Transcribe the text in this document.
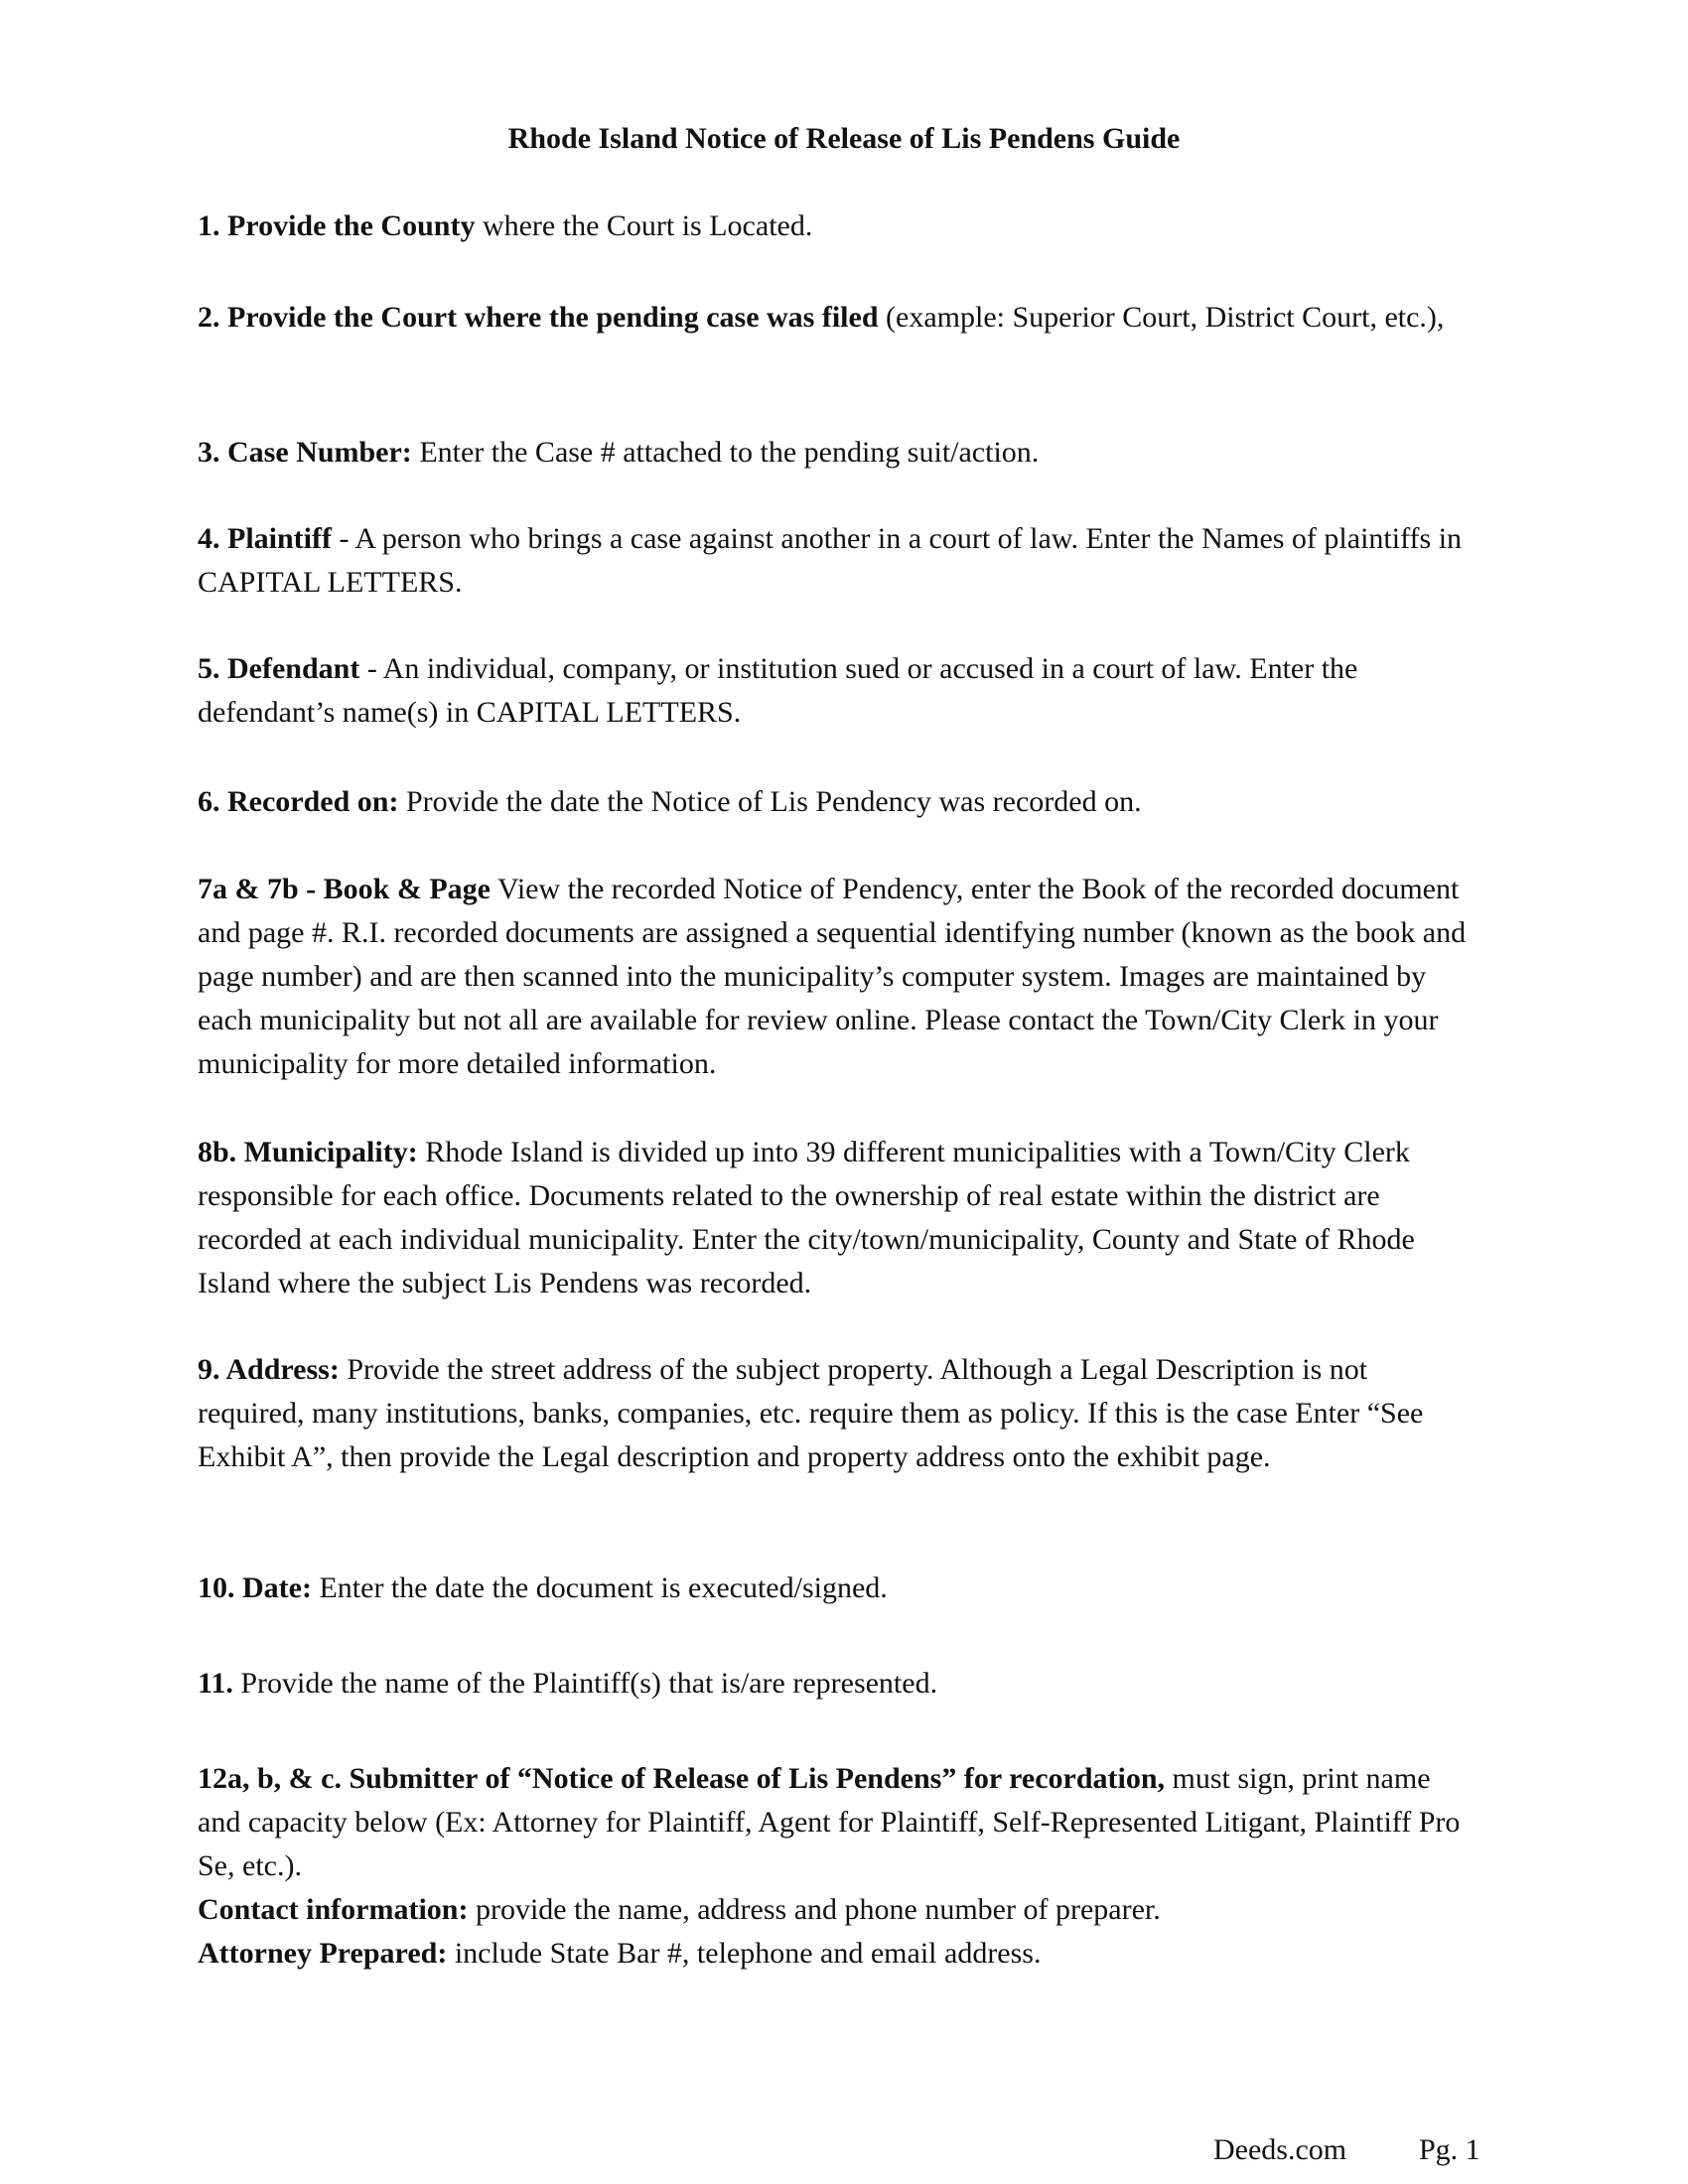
Rhode Island Notice of Release of Lis Pendens Guide

1. Provide the County where the Court is Located.

2. Provide the Court where the pending case was filed (example: Superior Court, District Court, etc.),

3. Case Number: Enter the Case # attached to the pending suit/action.

4. Plaintiff - A person who brings a case against another in a court of law. Enter the Names of plaintiffs in CAPITAL LETTERS.

5. Defendant - An individual, company, or institution sued or accused in a court of law. Enter the defendant’s name(s) in CAPITAL LETTERS.

6. Recorded on: Provide the date the Notice of Lis Pendency was recorded on.

7a & 7b - Book & Page View the recorded Notice of Pendency, enter the Book of the recorded document and page #. R.I. recorded documents are assigned a sequential identifying number (known as the book and page number) and are then scanned into the municipality’s computer system. Images are maintained by each municipality but not all are available for review online. Please contact the Town/City Clerk in your municipality for more detailed information.

8b. Municipality: Rhode Island is divided up into 39 different municipalities with a Town/City Clerk responsible for each office. Documents related to the ownership of real estate within the district are recorded at each individual municipality. Enter the city/town/municipality, County and State of Rhode Island where the subject Lis Pendens was recorded.

9. Address: Provide the street address of the subject property. Although a Legal Description is not required, many institutions, banks, companies, etc. require them as policy. If this is the case Enter “See Exhibit A”, then provide the Legal description and property address onto the exhibit page.

10. Date: Enter the date the document is executed/signed.

11. Provide the name of the Plaintiff(s) that is/are represented.

12a, b, & c. Submitter of “Notice of Release of Lis Pendens” for recordation, must sign, print name and capacity below (Ex: Attorney for Plaintiff, Agent for Plaintiff, Self-Represented Litigant, Plaintiff Pro Se, etc.).

Contact information: provide the name, address and phone number of preparer.

Attorney Prepared: include State Bar #, telephone and email address.

Deeds.com Pg. 1
